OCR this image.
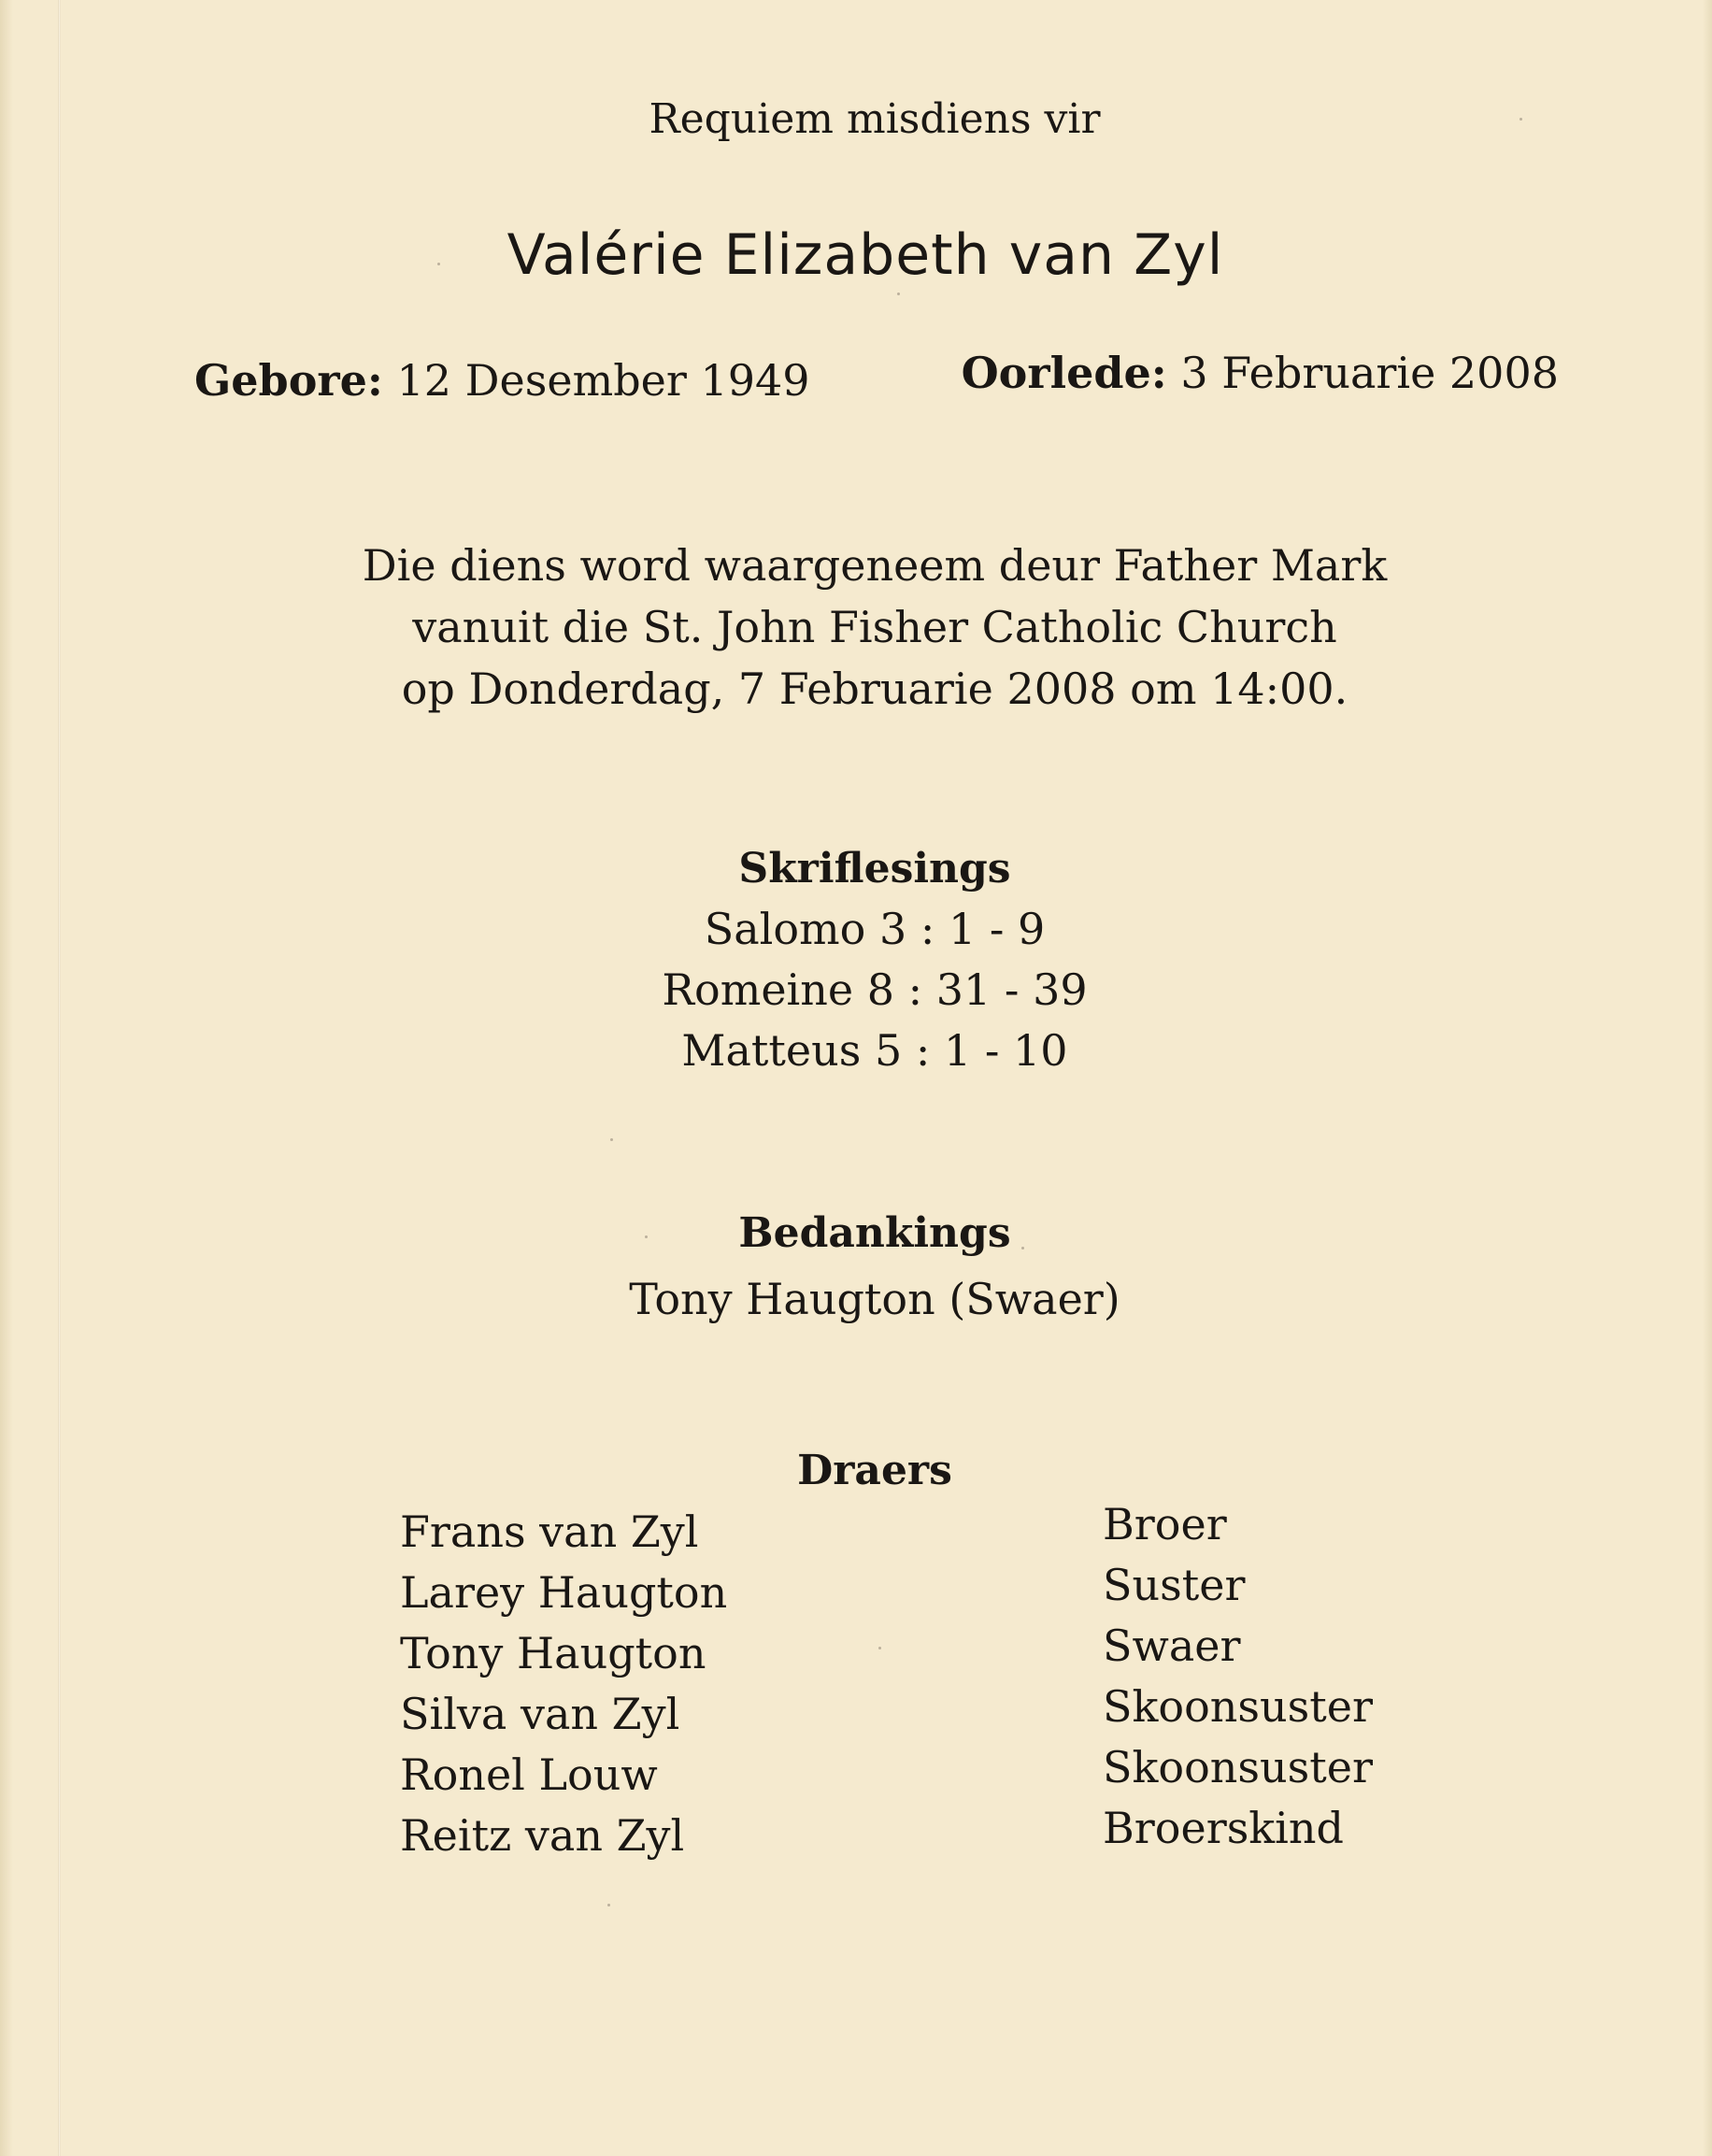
Requiem misdiens vir
Valérie Elizabeth van Zyl
Gebore: 12 Desember 1949	Oorlede: 3 Februarie 2008
Die diens word waargeneem deur Father Mark
vanuit die St. John Fisher Catholic Church
op Donderdag, 7 Februarie 2008 om 14:00.
Skriflesings
Salomo 3 : 1 - 9
Romeine 8 : 31 - 39
Matteus 5 : 1 - 10
Bedankings
Tony Haugton (Swaer)
Draers
Frans van Zyl	Broer
Larey Haugton	Suster
Tony Haugton	Swaer
Silva van Zyl	Skoonsuster
Ronel Louw	Skoonsuster
Reitz van Zyl	Broerskind
